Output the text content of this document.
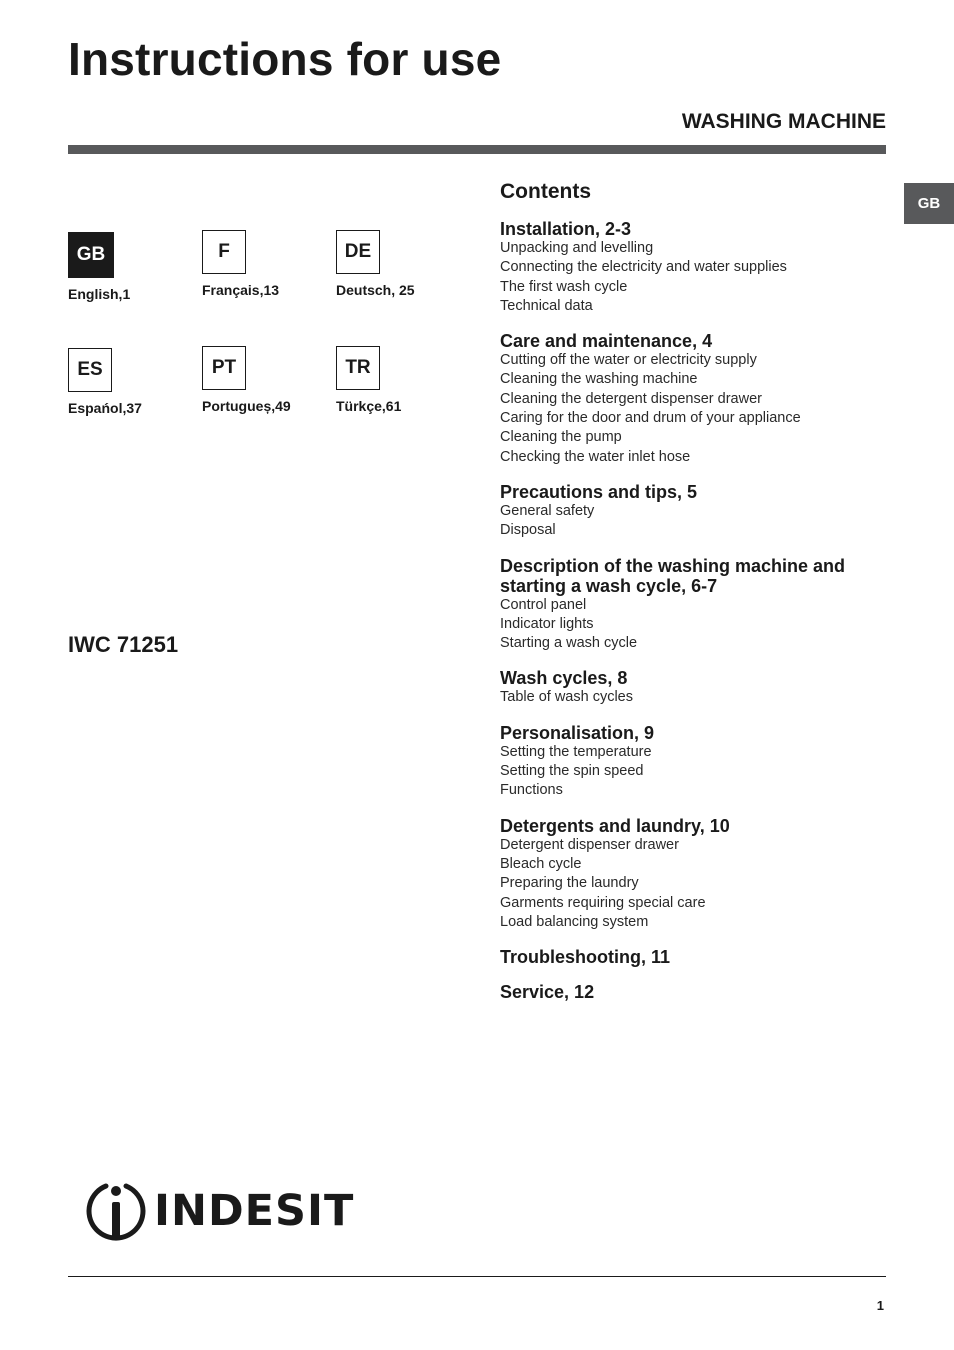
Instructions for use
WASHING MACHINE
GB
GB
English,1
F
Français,13
DE
Deutsch, 25
ES
Espańol,37
PT
Portugueș,49
TR
Türkçe,61
IWC 71251
Contents
Installation, 2-3
Unpacking and levelling
Connecting the electricity and water supplies
The first wash cycle
Technical data
Care and maintenance, 4
Cutting off the water or electricity supply
Cleaning the washing machine
Cleaning the detergent dispenser drawer
Caring for the door and drum of your appliance
Cleaning the pump
Checking the water inlet hose
Precautions and tips, 5
General safety
Disposal
Description of the washing machine and starting a wash cycle, 6-7
Control panel
Indicator lights
Starting a wash cycle
Wash cycles, 8
Table of wash cycles
Personalisation, 9
Setting the temperature
Setting the spin speed
Functions
Detergents and laundry, 10
Detergent dispenser drawer
Bleach cycle
Preparing the laundry
Garments requiring special care
Load balancing system
Troubleshooting, 11
Service, 12
INDESIT
1
